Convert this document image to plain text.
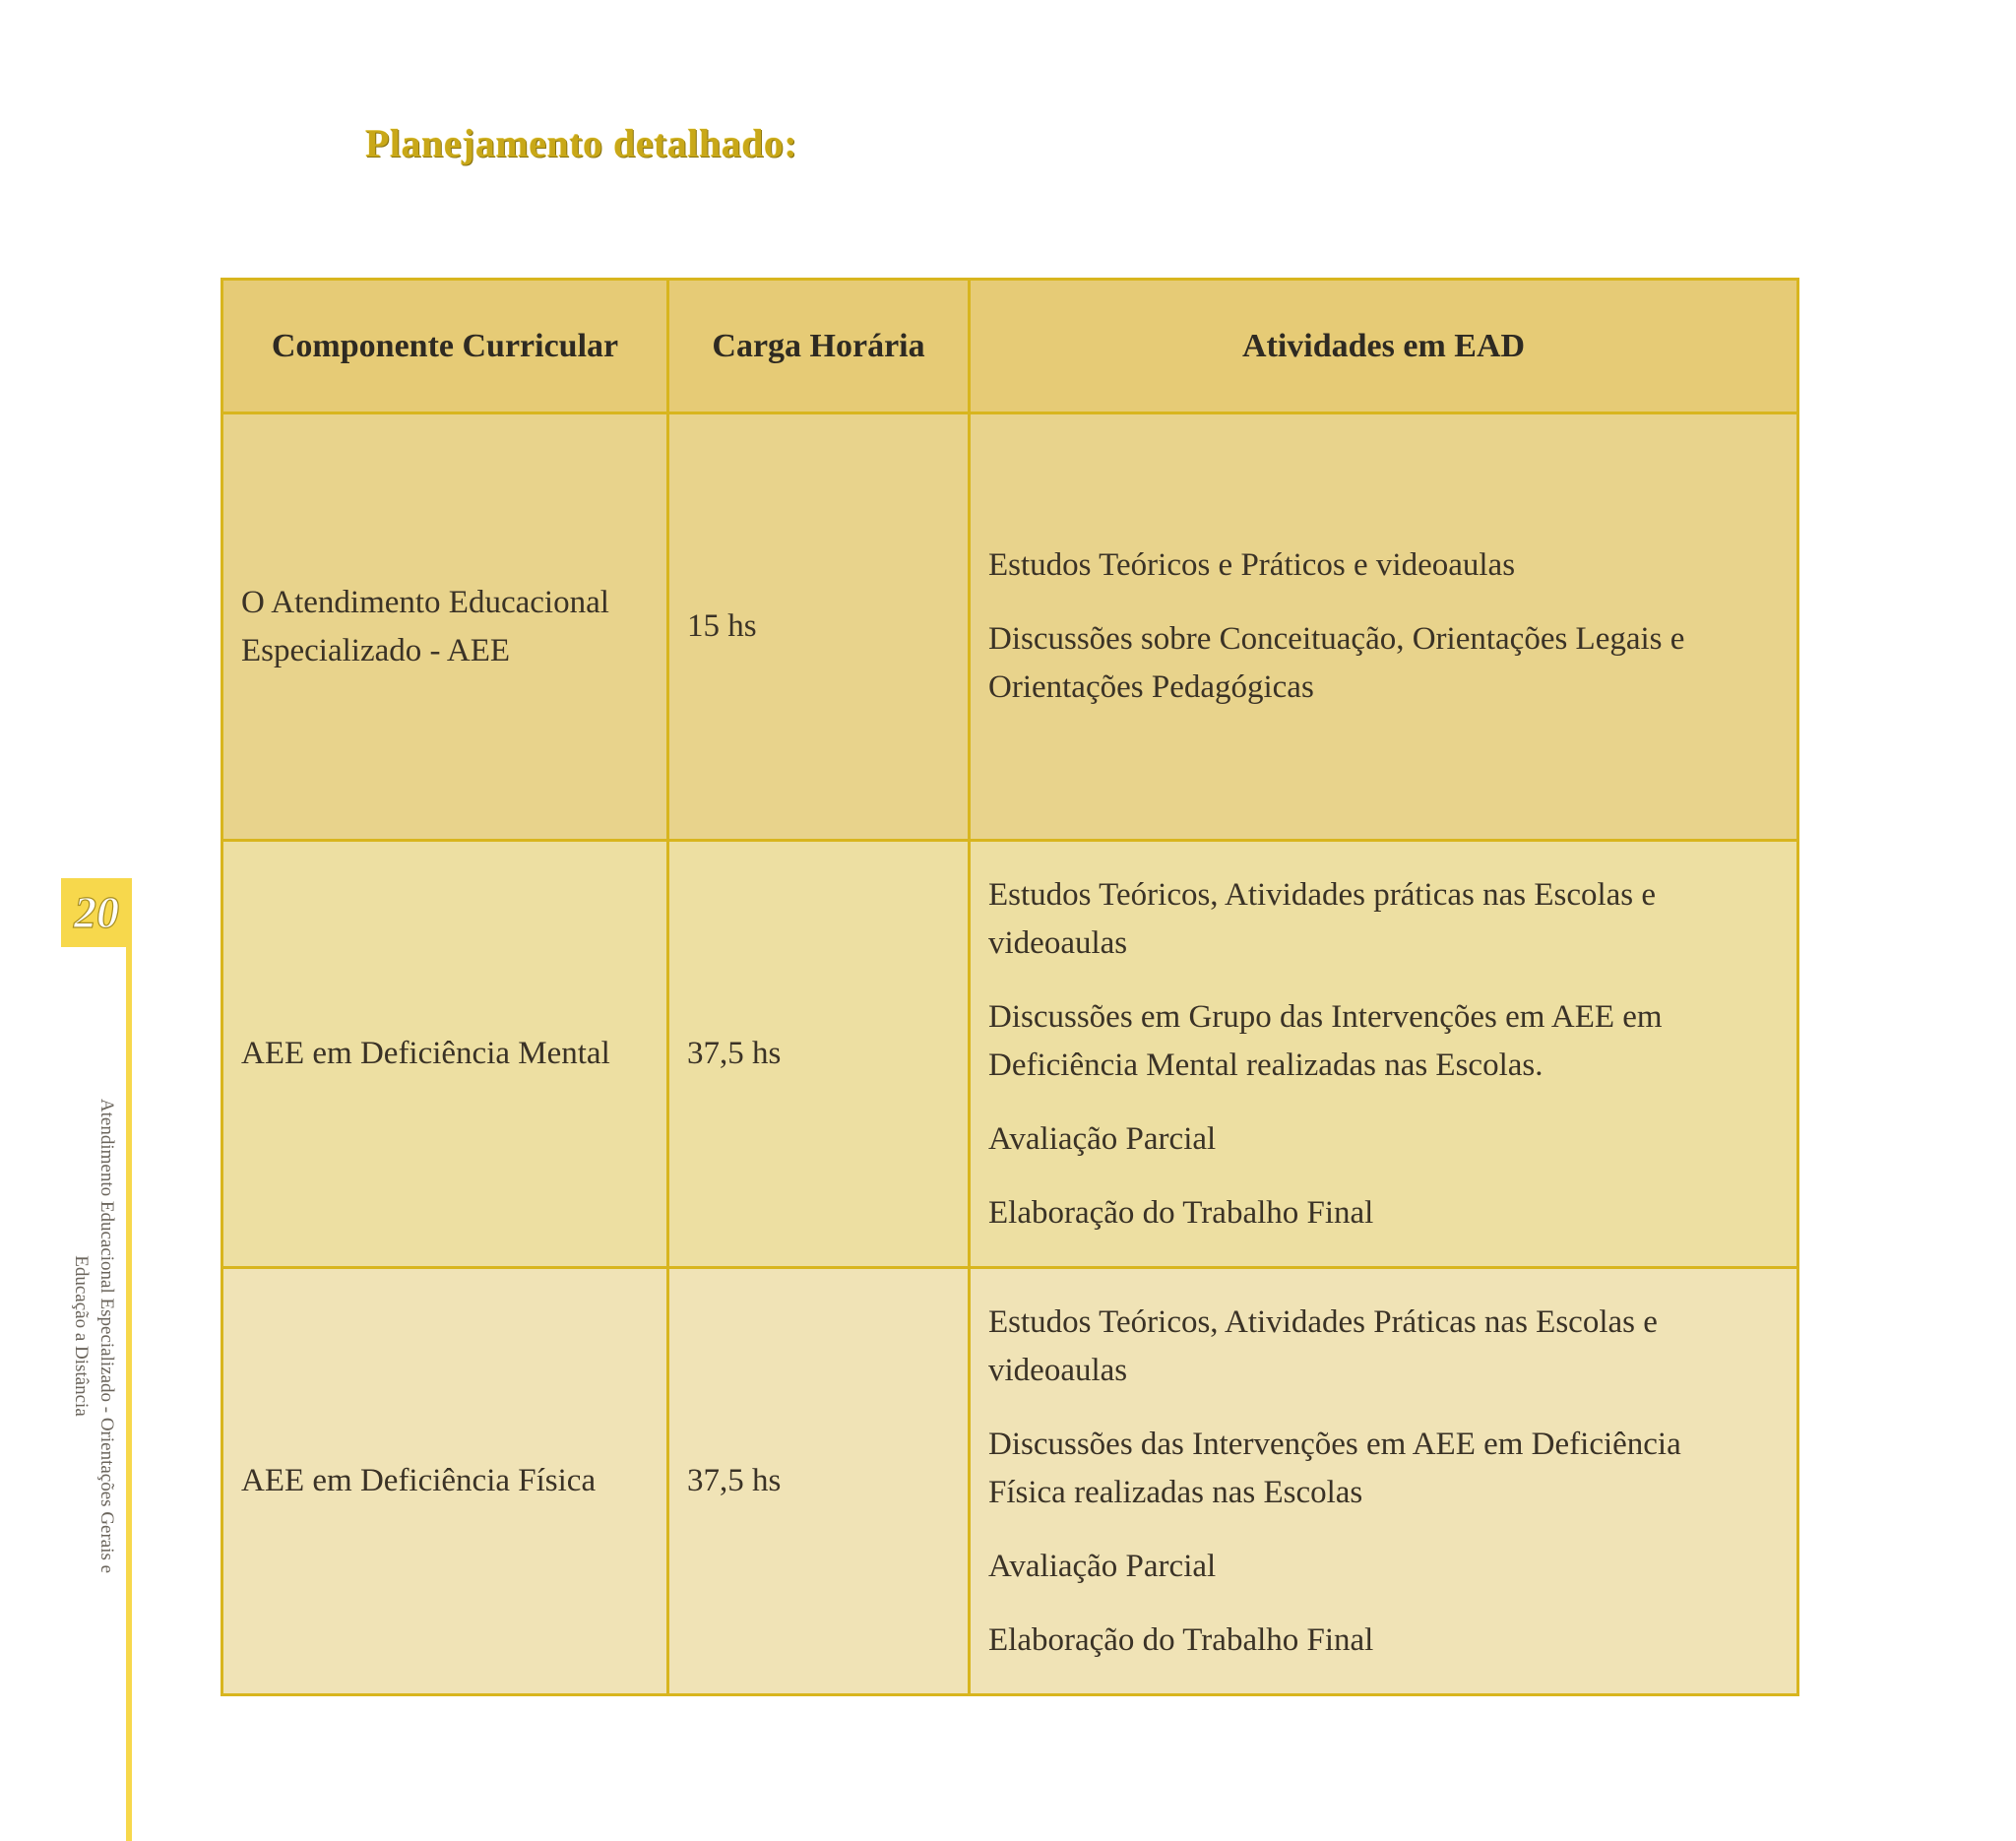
Planejamento detalhado:
Componente Curricular	Carga Horária	Atividades em EAD
O Atendimento Educacional Especializado - AEE	15 hs	Estudos Teóricos e Práticos e videoaulas

Discussões sobre Conceituação, Orientações Legais e Orientações Pedagógicas

AEE em Deficiência Mental	37,5 hs	Estudos Teóricos, Atividades práticas nas Escolas e videoaulas

Discussões em Grupo das Intervenções em AEE em Deficiência Mental realizadas nas Escolas.

Avaliação Parcial

Elaboração do Trabalho Final

AEE em Deficiência Física	37,5 hs	Estudos Teóricos, Atividades Práticas nas Escolas e videoaulas

Discussões das Intervenções em AEE em Deficiência Física realizadas nas Escolas

Avaliação Parcial

Elaboração do Trabalho Final

20
Atendimento Educacional Especializado - Orientações Gerais e
Educação a Distância
